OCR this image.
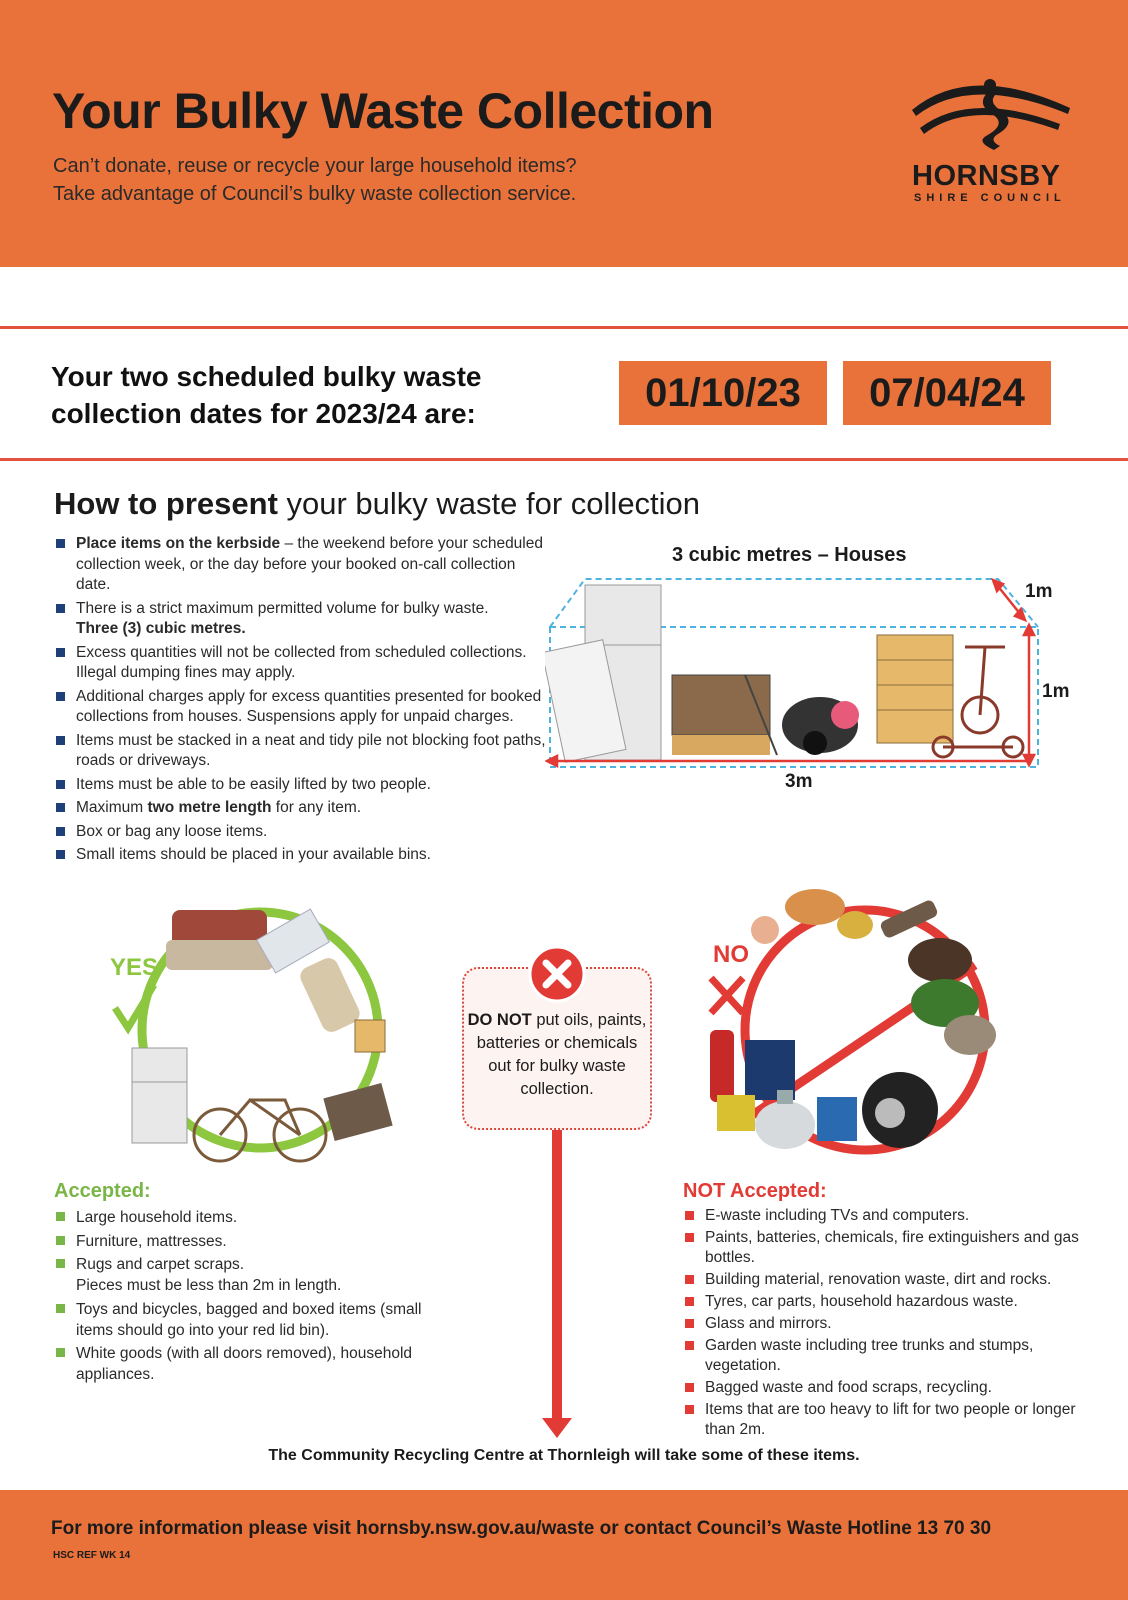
Your Bulky Waste Collection
Can’t donate, reuse or recycle your large household items?
Take advantage of Council’s bulky waste collection service.
HORNSBY
SHIRE COUNCIL
Your two scheduled bulky waste
collection dates for 2023/24 are:	01/10/23	07/04/24
How to present your bulky waste for collection
Place items on the kerbside – the weekend before your scheduled collection week, or the day before your booked on-call collection date.
There is a strict maximum permitted volume for bulky waste.
Three (3) cubic metres.
Excess quantities will not be collected from scheduled collections. Illegal dumping fines may apply.
Additional charges apply for excess quantities presented for booked collections from houses. Suspensions apply for unpaid charges.
Items must be stacked in a neat and tidy pile not blocking foot paths, roads or driveways.
Items must be able to be easily lifted by two people.
Maximum two metre length for any item.
Box or bag any loose items.
Small items should be placed in your available bins.
3 cubic metres – Houses
1m
1m
3m
YES
DO NOT put oils, paints, batteries or chemicals out for bulky waste collection.
NO
Accepted:
Large household items.
Furniture, mattresses.
Rugs and carpet scraps.
Pieces must be less than 2m in length.
Toys and bicycles, bagged and boxed items (small items should go into your red lid bin).
White goods (with all doors removed), household appliances.
NOT Accepted:
E-waste including TVs and computers.
Paints, batteries, chemicals, fire extinguishers and gas bottles.
Building material, renovation waste, dirt and rocks.
Tyres, car parts, household hazardous waste.
Glass and mirrors.
Garden waste including tree trunks and stumps, vegetation.
Bagged waste and food scraps, recycling.
Items that are too heavy to lift for two people or longer than 2m.
The Community Recycling Centre at Thornleigh will take some of these items.
For more information please visit hornsby.nsw.gov.au/waste or contact Council’s Waste Hotline 13 70 30
HSC REF WK 14
